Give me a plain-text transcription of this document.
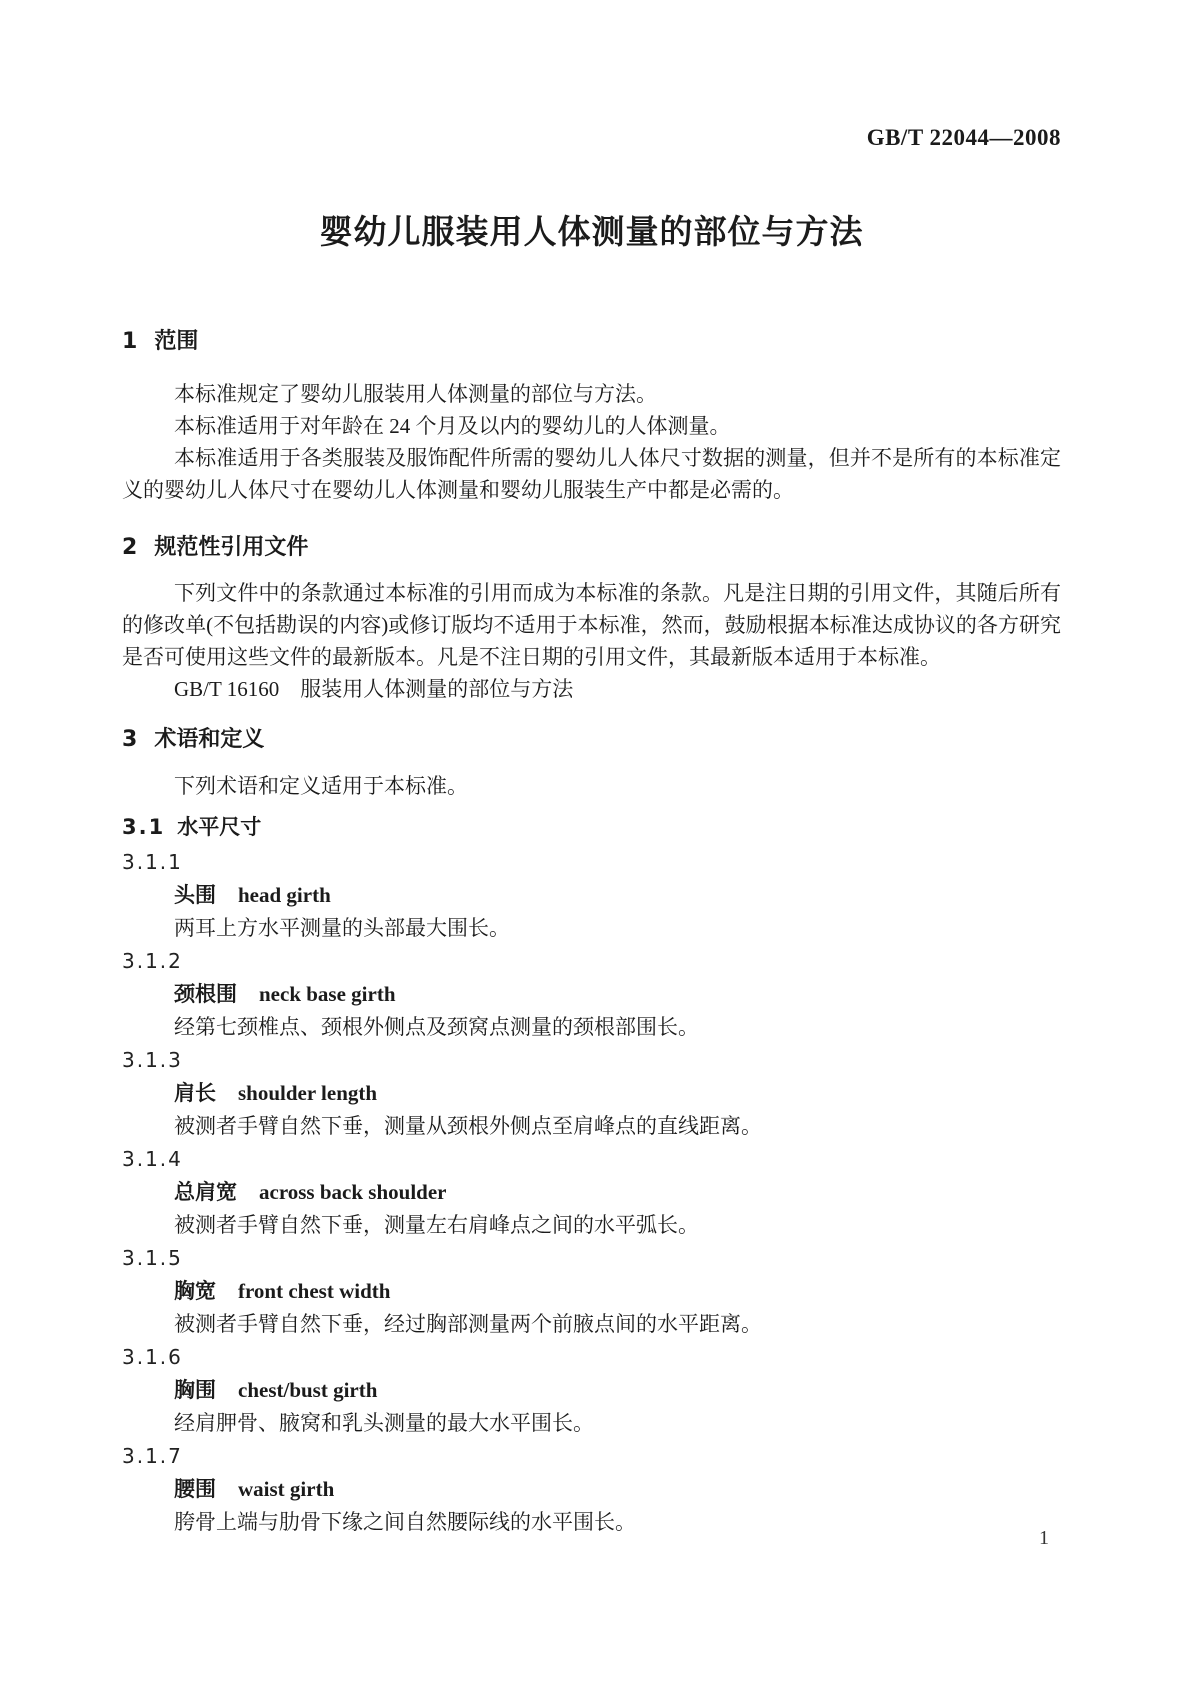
GB/T 22044—2008
婴幼儿服装用人体测量的部位与方法
1 范围

本标准规定了婴幼儿服装用人体测量的部位与方法。

本标准适用于对年龄在 24 个月及以内的婴幼儿的人体测量。

本标准适用于各类服装及服饰配件所需的婴幼儿人体尺寸数据的测量，但并不是所有的本标准定义的婴幼儿人体尺寸在婴幼儿人体测量和婴幼儿服装生产中都是必需的。

2 规范性引用文件

下列文件中的条款通过本标准的引用而成为本标准的条款。凡是注日期的引用文件，其随后所有的修改单(不包括勘误的内容)或修订版均不适用于本标准，然而，鼓励根据本标准达成协议的各方研究是否可使用这些文件的最新版本。凡是不注日期的引用文件，其最新版本适用于本标准。

GB/T 16160　服装用人体测量的部位与方法

3 术语和定义

下列术语和定义适用于本标准。

3.1 水平尺寸

3.1.1

头围 head girth

两耳上方水平测量的头部最大围长。

3.1.2

颈根围 neck base girth

经第七颈椎点、颈根外侧点及颈窝点测量的颈根部围长。

3.1.3

肩长 shoulder length

被测者手臂自然下垂，测量从颈根外侧点至肩峰点的直线距离。

3.1.4

总肩宽 across back shoulder

被测者手臂自然下垂，测量左右肩峰点之间的水平弧长。

3.1.5

胸宽 front chest width

被测者手臂自然下垂，经过胸部测量两个前腋点间的水平距离。

3.1.6

胸围 chest/bust girth

经肩胛骨、腋窝和乳头测量的最大水平围长。

3.1.7

腰围 waist girth

胯骨上端与肋骨下缘之间自然腰际线的水平围长。

1
